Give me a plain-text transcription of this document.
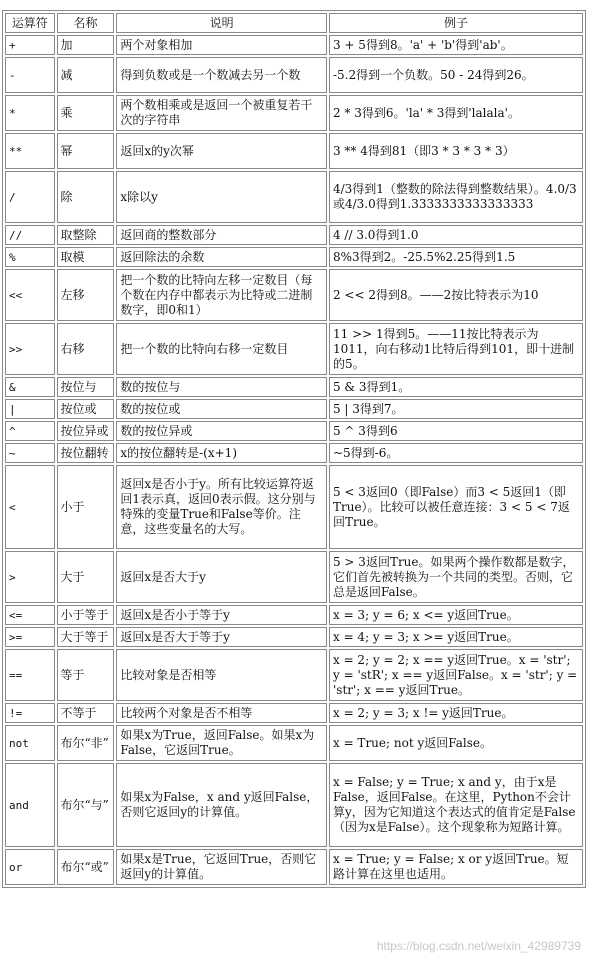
运算符	名称	说明	例子
+	加	两个对象相加	3 + 5得到8。'a' + 'b'得到'ab'。
-	减	得到负数或是一个数减去另一个数	-5.2得到一个负数。50 - 24得到26。
*	乘	两个数相乘或是返回一个被重复若干次的字符串	2 * 3得到6。'la' * 3得到'lalala'。
**	幂	返回x的y次幂	3 ** 4得到81（即3 * 3 * 3 * 3）
/	除	x除以y	4/3得到1（整数的除法得到整数结果）。4.0/3或4/3.0得到1.3333333333333333
//	取整除	返回商的整数部分	4 // 3.0得到1.0
%	取模	返回除法的余数	8%3得到2。-25.5%2.25得到1.5
<<	左移	把一个数的比特向左移一定数目（每个数在内存中都表示为比特或二进制数字，即0和1）	2 << 2得到8。——2按比特表示为10
>>	右移	把一个数的比特向右移一定数目	11 >> 1得到5。——11按比特表示为1011，向右移动1比特后得到101，即十进制的5。
&	按位与	数的按位与	5 & 3得到1。
|	按位或	数的按位或	5 | 3得到7。
^	按位异或	数的按位异或	5 ^ 3得到6
~	按位翻转	x的按位翻转是-(x+1)	~5得到-6。
<	小于	返回x是否小于y。所有比较运算符返回1表示真，返回0表示假。这分别与特殊的变量True和False等价。注意，这些变量名的大写。	5 < 3返回0（即False）而3 < 5返回1（即True）。比较可以被任意连接：3 < 5 < 7返回True。
>	大于	返回x是否大于y	5 > 3返回True。如果两个操作数都是数字，它们首先被转换为一个共同的类型。否则，它总是返回False。
<=	小于等于	返回x是否小于等于y	x = 3; y = 6; x <= y返回True。
>=	大于等于	返回x是否大于等于y	x = 4; y = 3; x >= y返回True。
==	等于	比较对象是否相等	x = 2; y = 2; x == y返回True。x = 'str'; y = 'stR'; x == y返回False。x = 'str'; y = 'str'; x == y返回True。
!=	不等于	比较两个对象是否不相等	x = 2; y = 3; x != y返回True。
not	布尔“非”	如果x为True，返回False。如果x为False，它返回True。	x = True; not y返回False。
and	布尔“与”	如果x为False，x and y返回False，否则它返回y的计算值。	x = False; y = True; x and y，由于x是False，返回False。在这里，Python不会计算y，因为它知道这个表达式的值肯定是False（因为x是False）。这个现象称为短路计算。
or	布尔“或”	如果x是True，它返回True，否则它返回y的计算值。	x = True; y = False; x or y返回True。短路计算在这里也适用。
https://blog.csdn.net/weixin_42989739
